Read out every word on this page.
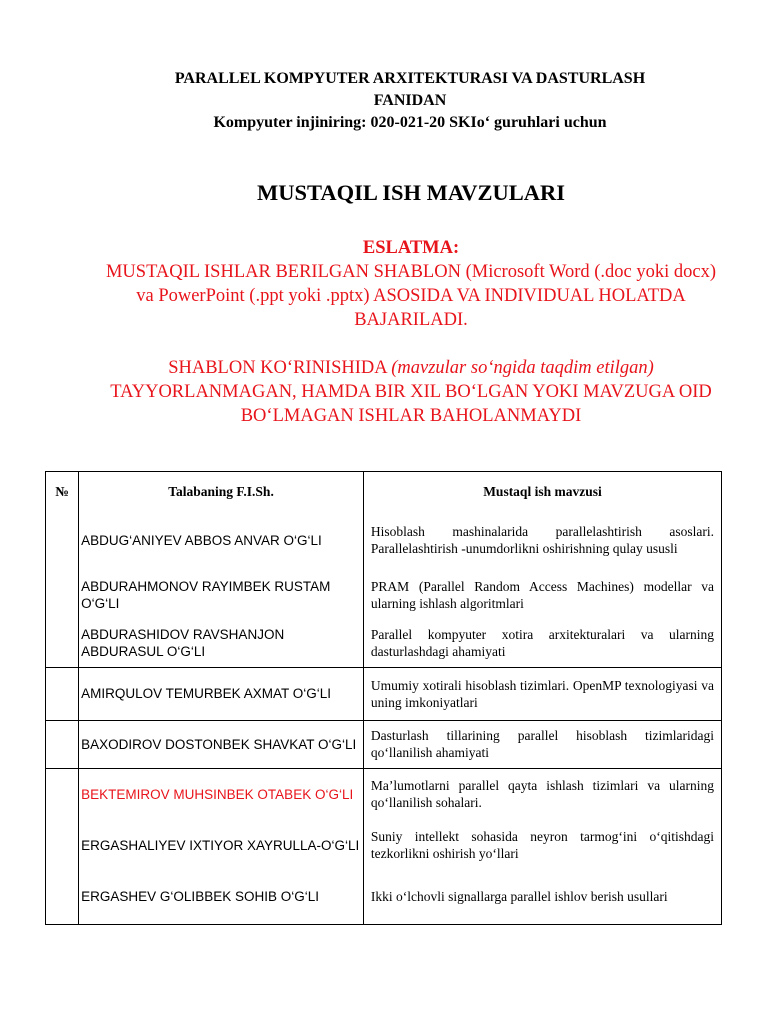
PARALLEL KOMPYUTER ARXITEKTURASI VA DASTURLASH
FANIDAN
Kompyuter injiniring: 020-021-20 SKIo‘ guruhlari uchun
MUSTAQIL ISH MAVZULARI
ESLATMA:
MUSTAQIL ISHLAR BERILGAN SHABLON (Microsoft Word (.doc yoki docx) va PowerPoint (.ppt yoki .pptx) ASOSIDA VA INDIVIDUAL HOLATDA BAJARILADI.
SHABLON KO‘RINISHIDA (mavzular so‘ngida taqdim etilgan) TAYYORLANMAGAN, HAMDA BIR XIL BO‘LGAN YOKI MAVZUGA OID BO‘LMAGAN ISHLAR BAHOLANMAYDI
№	Talabaning F.I.Sh.	Mustaql ish mavzusi
	ABDUG‘ANIYEV ABBOS ANVAR O‘G‘LI	Hisoblash mashinalarida parallelashtirish asoslari. Parallelashtirish -unumdorlikni oshirishning qulay ususli
	ABDURAHMONOV RAYIMBEK RUSTAM O‘G‘LI	PRAM (Parallel Random Access Machines) modellar va ularning ishlash algoritmlari
	ABDURASHIDOV RAVSHANJON ABDURASUL O‘G‘LI	Parallel kompyuter xotira arxitekturalari va ularning dasturlashdagi ahamiyati
	AMIRQULOV TEMURBEK AXMAT O‘G‘LI	Umumiy xotirali hisoblash tizimlari. OpenMP texnologiyasi va uning imkoniyatlari
	BAXODIROV DOSTONBEK SHAVKAT O‘G‘LI	Dasturlash tillarining parallel hisoblash tizimlaridagi qo‘llanilish ahamiyati
	BEKTEMIROV MUHSINBEK OTABEK O‘G‘LI	Ma’lumotlarni parallel qayta ishlash tizimlari va ularning qo‘llanilish sohalari.
	ERGASHALIYEV IXTIYOR XAYRULLA-O‘G‘LI	Suniy intellekt sohasida neyron tarmog‘ini o‘qitishdagi tezkorlikni oshirish yo‘llari
	ERGASHEV G‘OLIBBEK SOHIB O‘G‘LI	Ikki o‘lchovli signallarga parallel ishlov berish usullari
